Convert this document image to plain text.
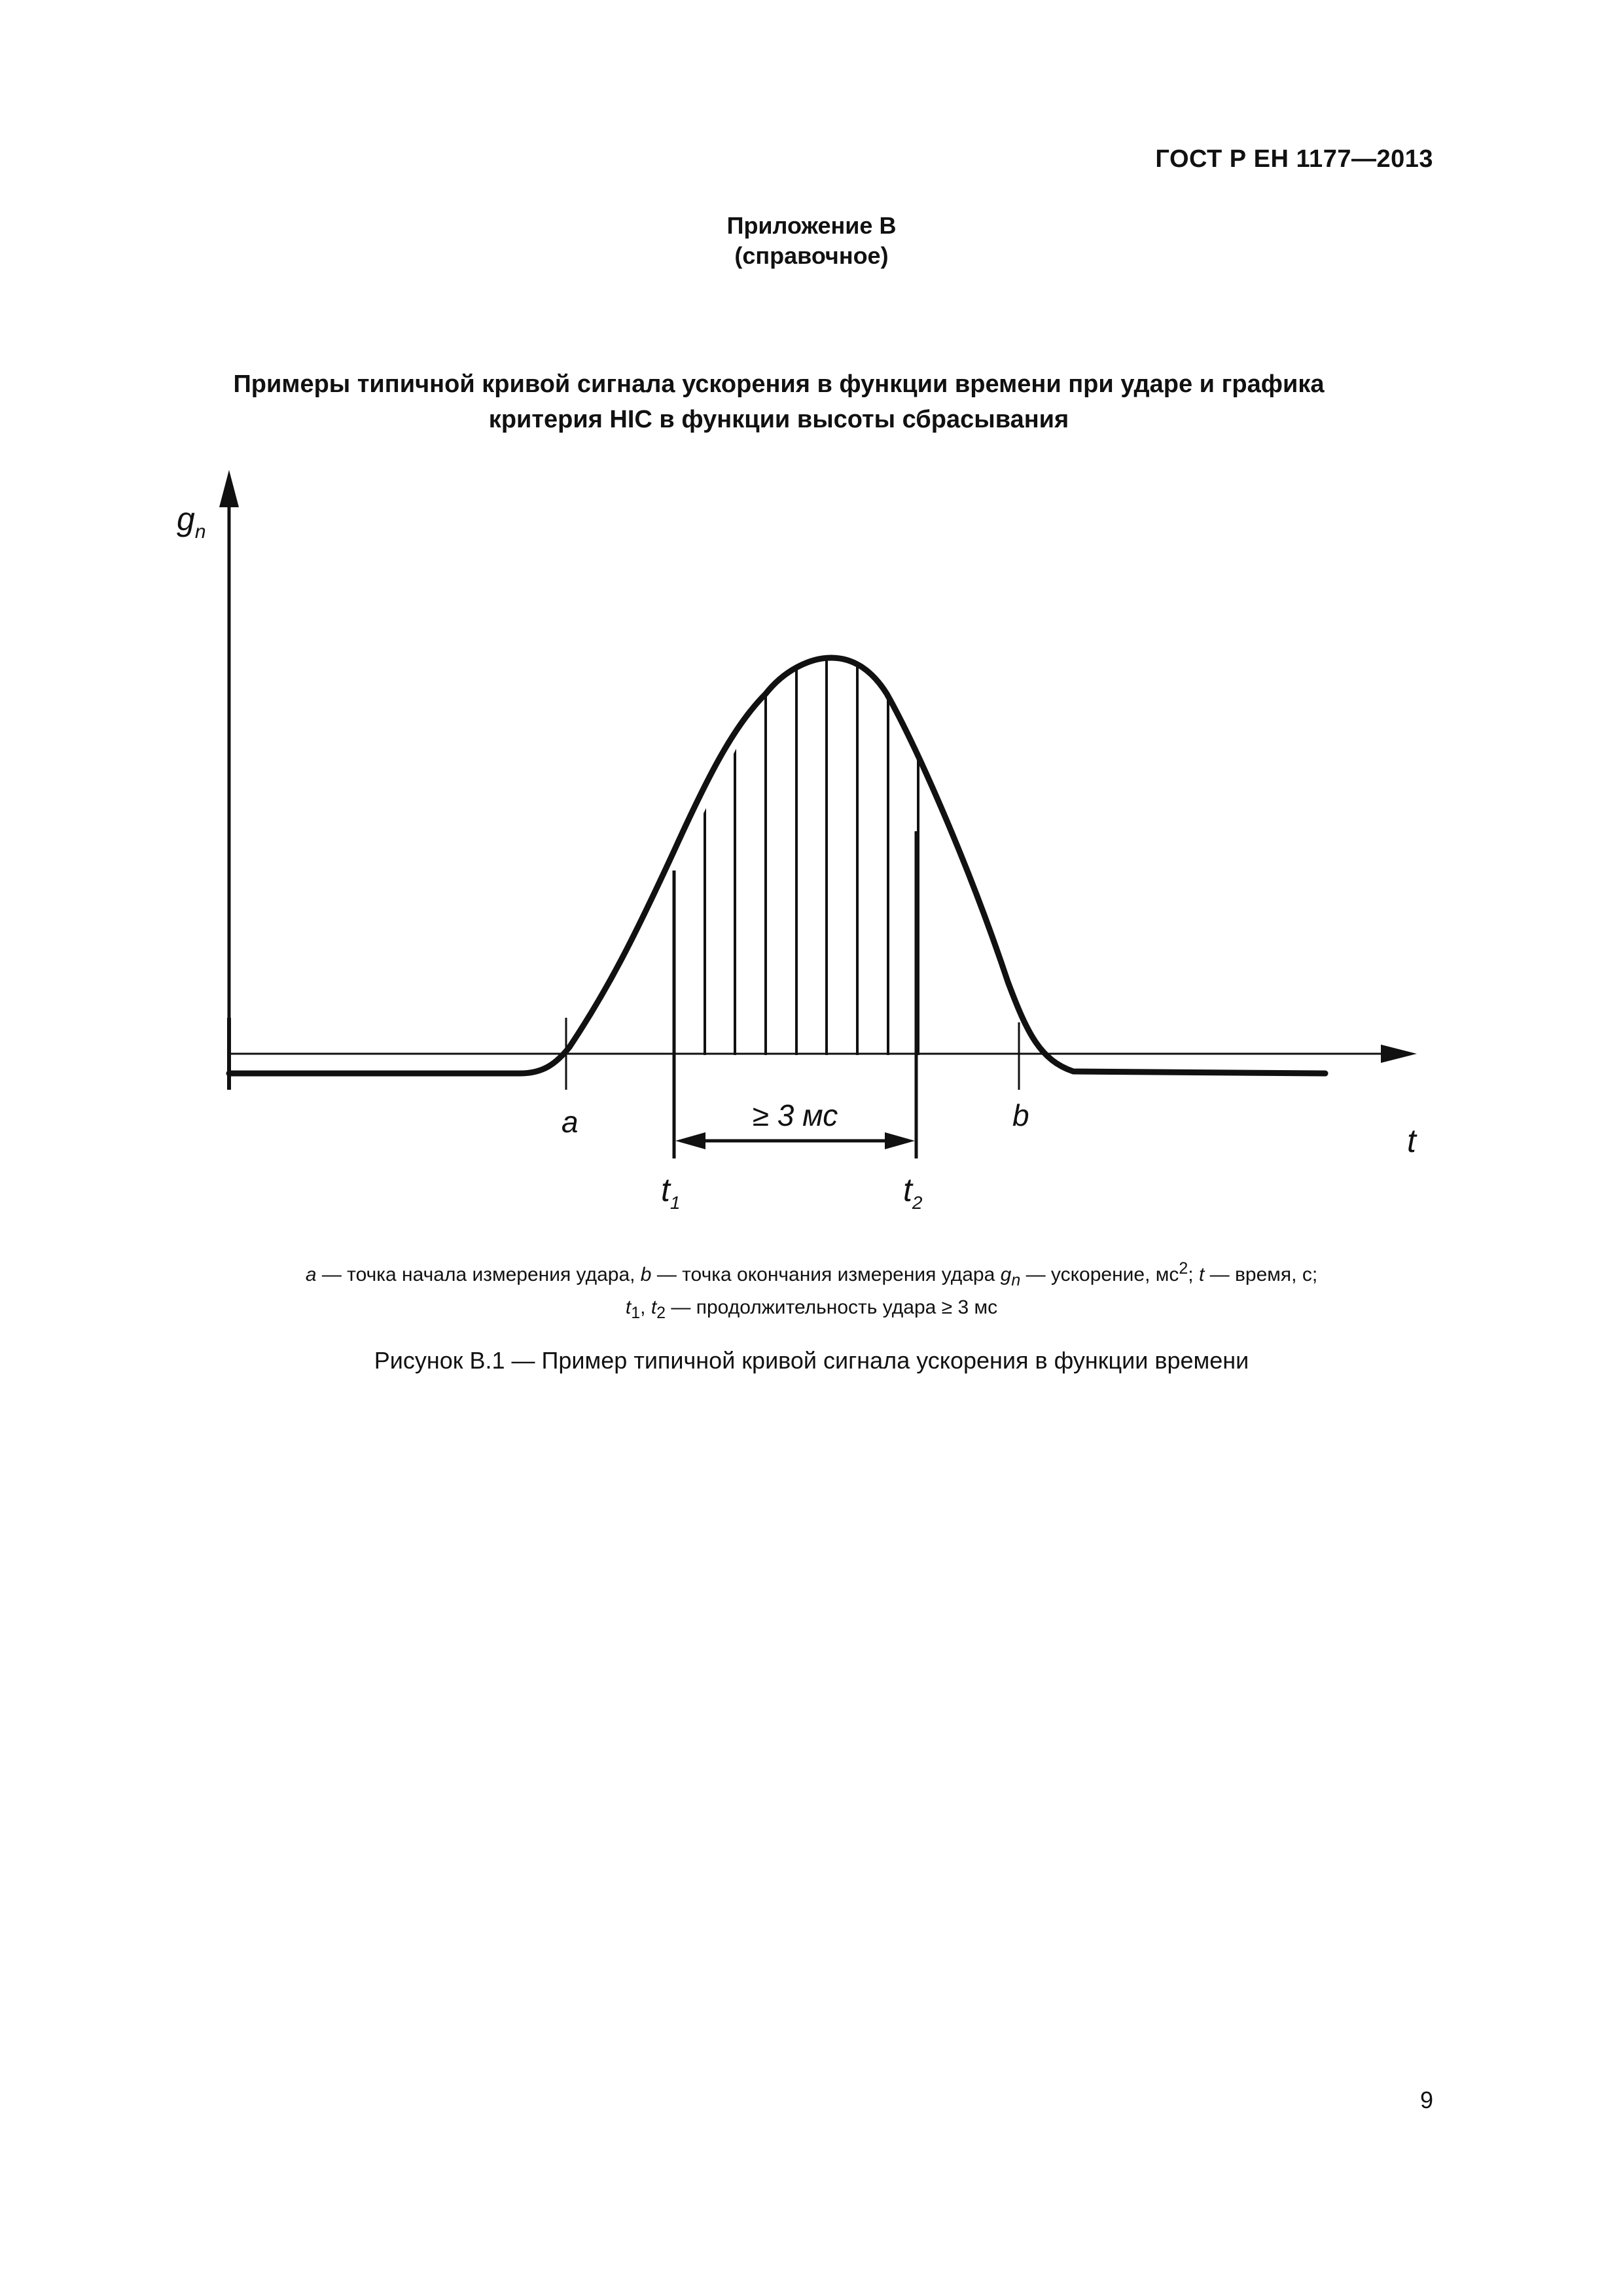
ГОСТ Р ЕН 1177—2013
Приложение В
(справочное)
Примеры типичной кривой сигнала ускорения в функции времени при ударе и графика
критерия HIC в функции высоты сбрасывания
$g_n$
t
a	b
≥ 3 мс
$t_1$	$t_2$
a — точка начала измерения удара, b — точка окончания измерения удара $g_n$ — ускорение, $мс^2$; t — время, с;
$t_1$, $t_2$ — продолжительность удара ≥ 3 мс
Рисунок В.1 — Пример типичной кривой сигнала ускорения в функции времени
9
